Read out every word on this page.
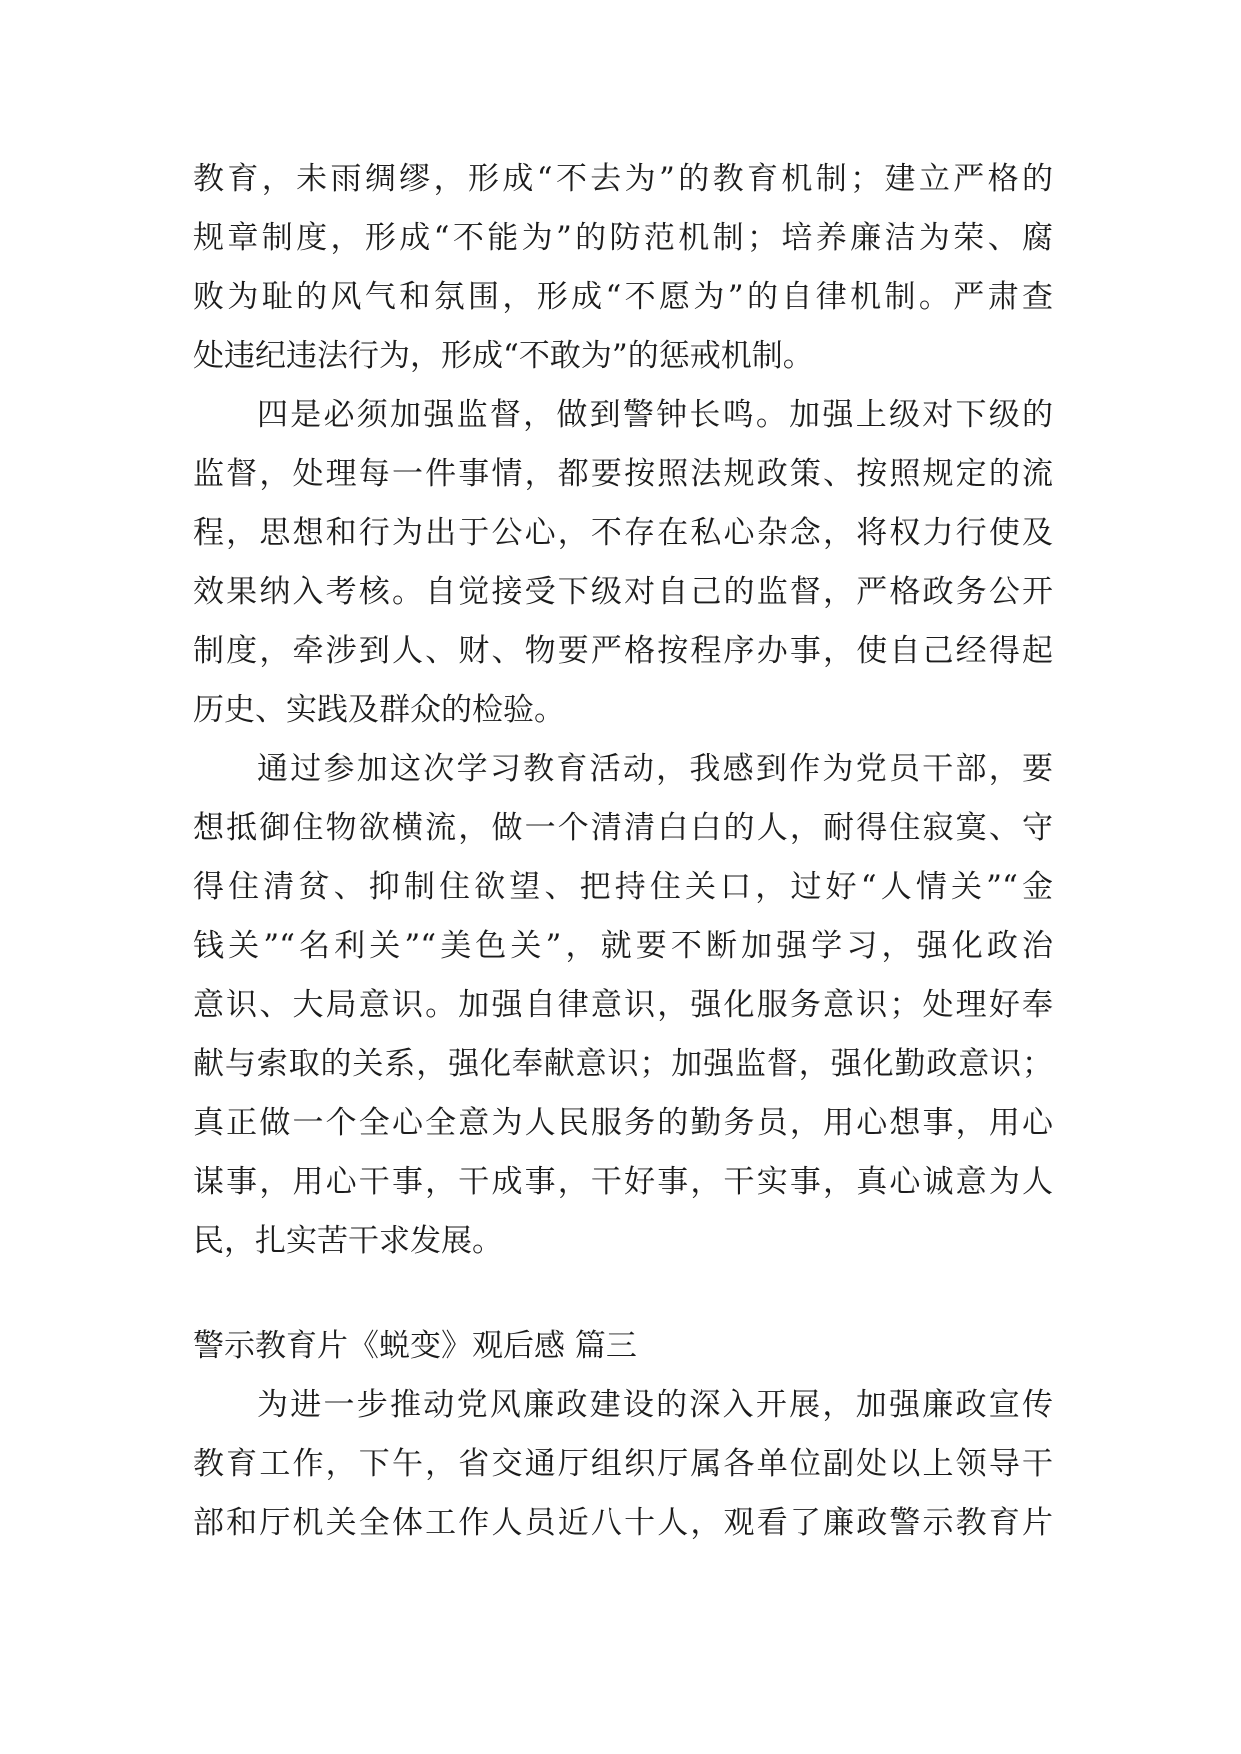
教育，未雨绸缪，形成“不去为”的教育机制；建立严格的
规章制度，形成“不能为”的防范机制；培养廉洁为荣、腐
败为耻的风气和氛围，形成“不愿为”的自律机制。严肃查
处违纪违法行为，形成“不敢为”的惩戒机制。
四是必须加强监督，做到警钟长鸣。加强上级对下级的
监督，处理每一件事情，都要按照法规政策、按照规定的流
程，思想和行为出于公心，不存在私心杂念，将权力行使及
效果纳入考核。自觉接受下级对自己的监督，严格政务公开
制度，牵涉到人、财、物要严格按程序办事，使自己经得起
历史、实践及群众的检验。
通过参加这次学习教育活动，我感到作为党员干部，要
想抵御住物欲横流，做一个清清白白的人，耐得住寂寞、守
得住清贫、抑制住欲望、把持住关口，过好“人情关”“金
钱关”“名利关”“美色关”，就要不断加强学习，强化政治
意识、大局意识。加强自律意识，强化服务意识；处理好奉
献与索取的关系，强化奉献意识；加强监督，强化勤政意识；
真正做一个全心全意为人民服务的勤务员，用心想事，用心
谋事，用心干事，干成事，干好事，干实事，真心诚意为人
民，扎实苦干求发展。
警示教育片《蜕变》观后感 篇三
为进一步推动党风廉政建设的深入开展，加强廉政宣传
教育工作，下午，省交通厅组织厅属各单位副处以上领导干
部和厅机关全体工作人员近八十人，观看了廉政警示教育片
